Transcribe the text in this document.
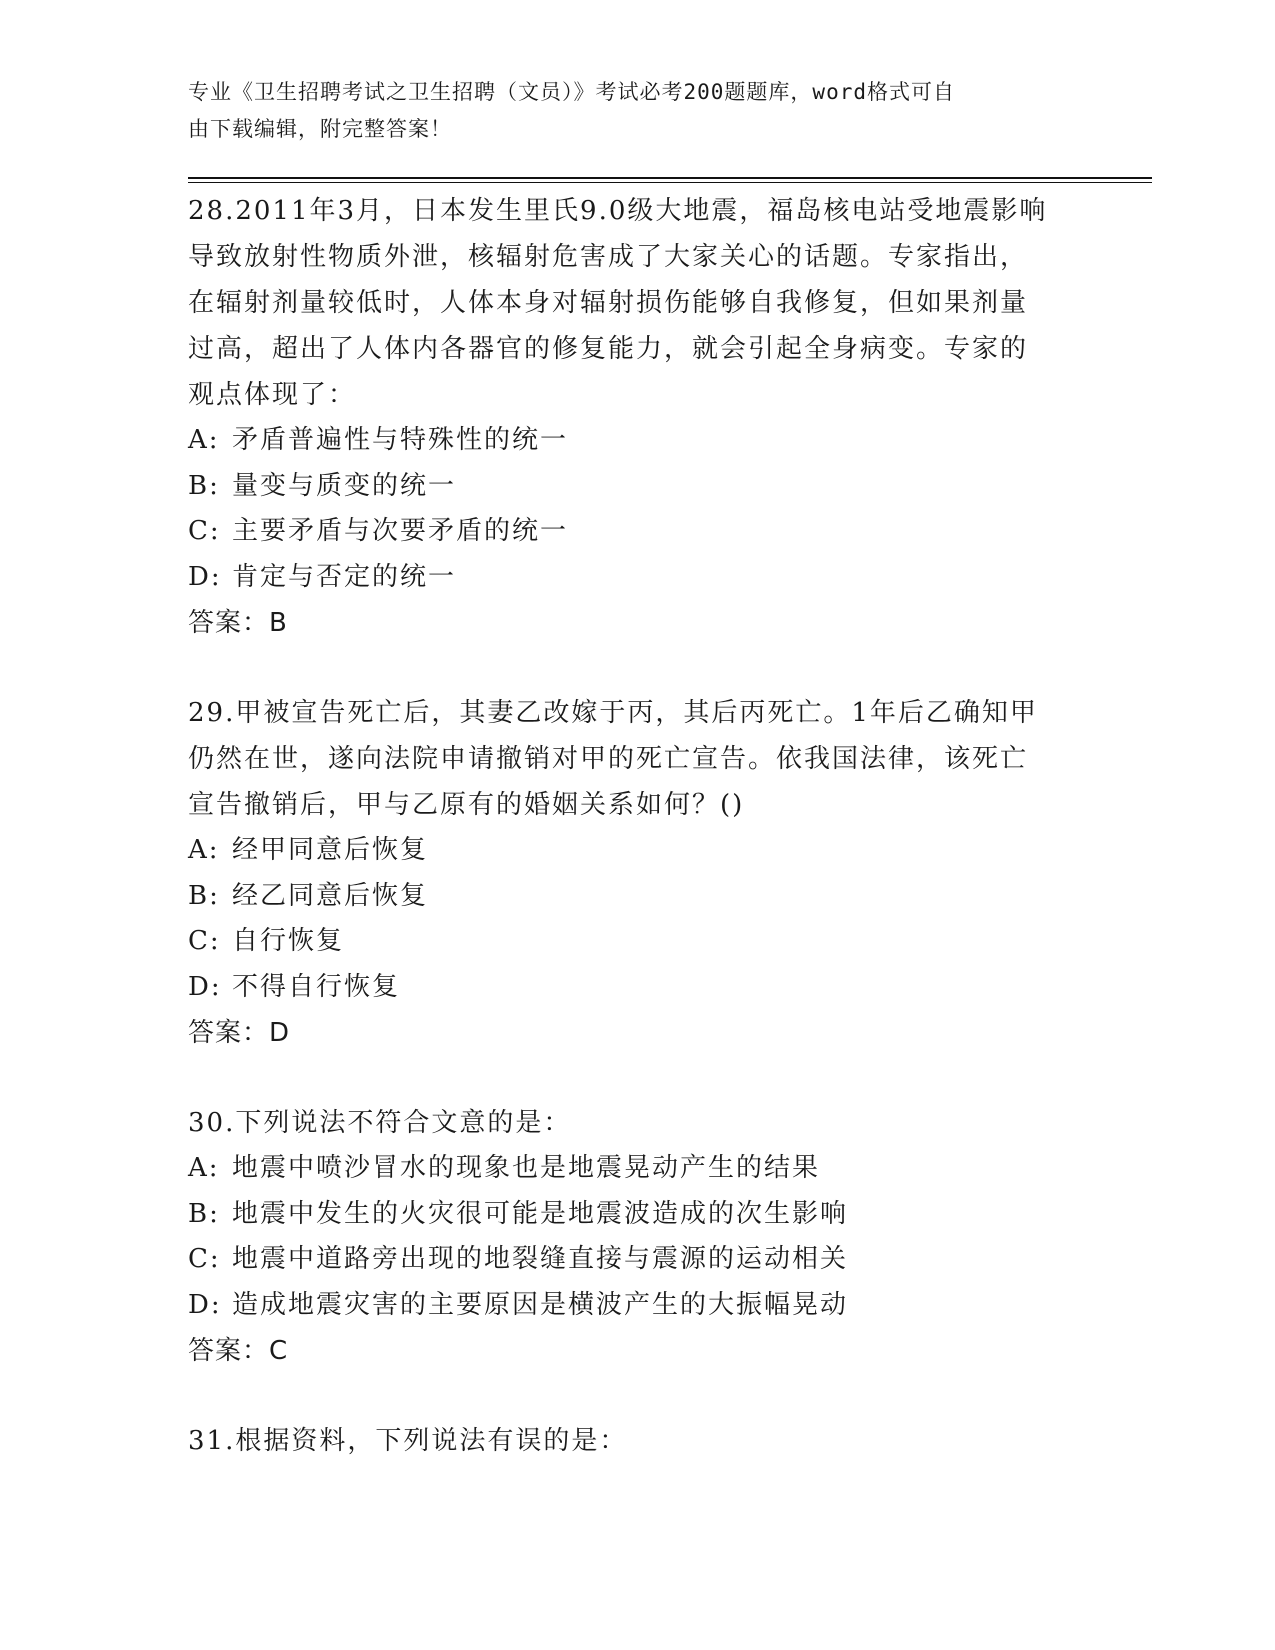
专业《卫生招聘考试之卫生招聘（文员）》考试必考200题题库，word格式可自
由下载编辑，附完整答案！

28.2011年3月，日本发生里氏9.0级大地震，福岛核电站受地震影响

导致放射性物质外泄，核辐射危害成了大家关心的话题。专家指出，

在辐射剂量较低时，人体本身对辐射损伤能够自我修复，但如果剂量

过高，超出了人体内各器官的修复能力，就会引起全身病变。专家的

观点体现了：

A: 矛盾普遍性与特殊性的统一

B: 量变与质变的统一

C: 主要矛盾与次要矛盾的统一

D: 肯定与否定的统一

答案：B

29.甲被宣告死亡后，其妻乙改嫁于丙，其后丙死亡。1年后乙确知甲

仍然在世，遂向法院申请撤销对甲的死亡宣告。依我国法律，该死亡

宣告撤销后，甲与乙原有的婚姻关系如何？()

A: 经甲同意后恢复

B: 经乙同意后恢复

C: 自行恢复

D: 不得自行恢复

答案：D

30.下列说法不符合文意的是：

A: 地震中喷沙冒水的现象也是地震晃动产生的结果

B: 地震中发生的火灾很可能是地震波造成的次生影响

C: 地震中道路旁出现的地裂缝直接与震源的运动相关

D: 造成地震灾害的主要原因是横波产生的大振幅晃动

答案：C

31.根据资料，下列说法有误的是：
